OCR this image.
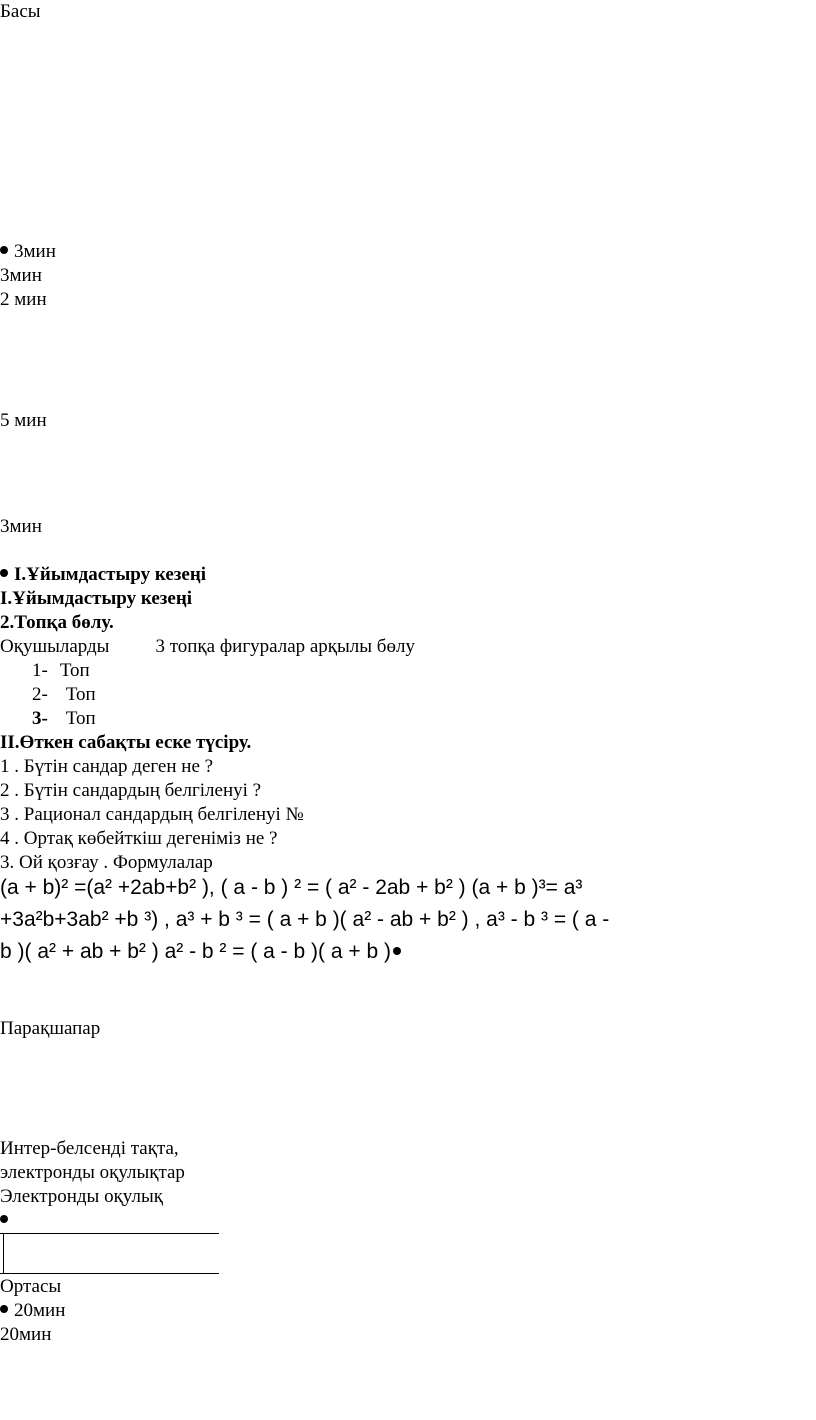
Басы
3мин
3мин
2 мин
5 мин
3мин
І.Ұйымдастыру кезеңі
І.Ұйымдастыру кезеңі
2.Топқа бөлу.
Оқушыларды 3 топқа фигуралар арқылы бөлу
1- Топ
2- Топ
3- Топ
ІІ.Өткен сабақты еске түсіру.
1 . Бүтін сандар деген не ?
2 . Бүтін сандардың белгіленуі ?
3 . Рационал сандардың белгіленуі №
4 . Ортақ көбейткіш дегеніміз не ?
3. Ой қозғау . Формулалар
(a + b)² =(a² +2ab+b² ), ( a - b ) ² = ( a² - 2ab + b² ) (a + b )³= a³
+3a²b+3ab² +b ³) , a³ + b ³ = ( a + b )( a² - ab + b² ) , a³ - b ³ = ( a -
b )( a² + ab + b² ) a² - b ² = ( a - b )( a + b )
Парақшапар
Интер-белсенді тақта,
электронды оқулықтар
Электронды оқулық
Ортасы
20мин
20мин
